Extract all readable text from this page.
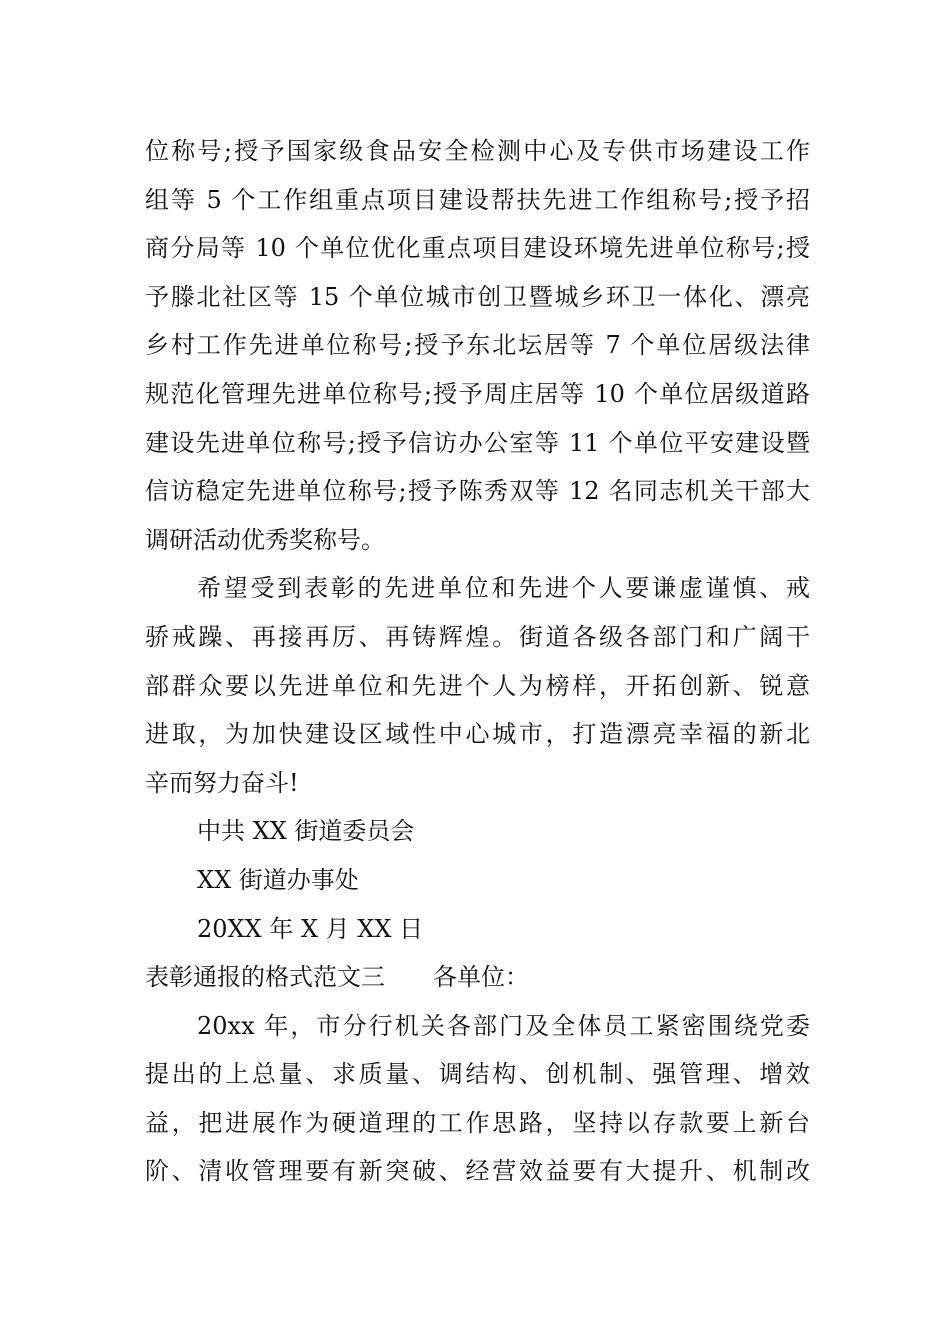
位称号;授予国家级食品安全检测中心及专供市场建设工作
组等 5 个工作组重点项目建设帮扶先进工作组称号;授予招
商分局等 10 个单位优化重点项目建设环境先进单位称号;授
予滕北社区等 15 个单位城市创卫暨城乡环卫一体化、漂亮
乡村工作先进单位称号;授予东北坛居等 7 个单位居级法律
规范化管理先进单位称号;授予周庄居等 10 个单位居级道路
建设先进单位称号;授予信访办公室等 11 个单位平安建设暨
信访稳定先进单位称号;授予陈秀双等 12 名同志机关干部大
调研活动优秀奖称号。
希望受到表彰的先进单位和先进个人要谦虚谨慎、戒
骄戒躁、再接再厉、再铸辉煌。街道各级各部门和广阔干
部群众要以先进单位和先进个人为榜样，开拓创新、锐意
进取，为加快建设区域性中心城市，打造漂亮幸福的新北
辛而努力奋斗!
中共 XX 街道委员会
XX 街道办事处
20XX 年 X 月 XX 日
表彰通报的格式范文三 各单位：
20xx 年，市分行机关各部门及全体员工紧密围绕党委
提出的上总量、求质量、调结构、创机制、强管理、增效
益，把进展作为硬道理的工作思路，坚持以存款要上新台
阶、清收管理要有新突破、经营效益要有大提升、机制改
